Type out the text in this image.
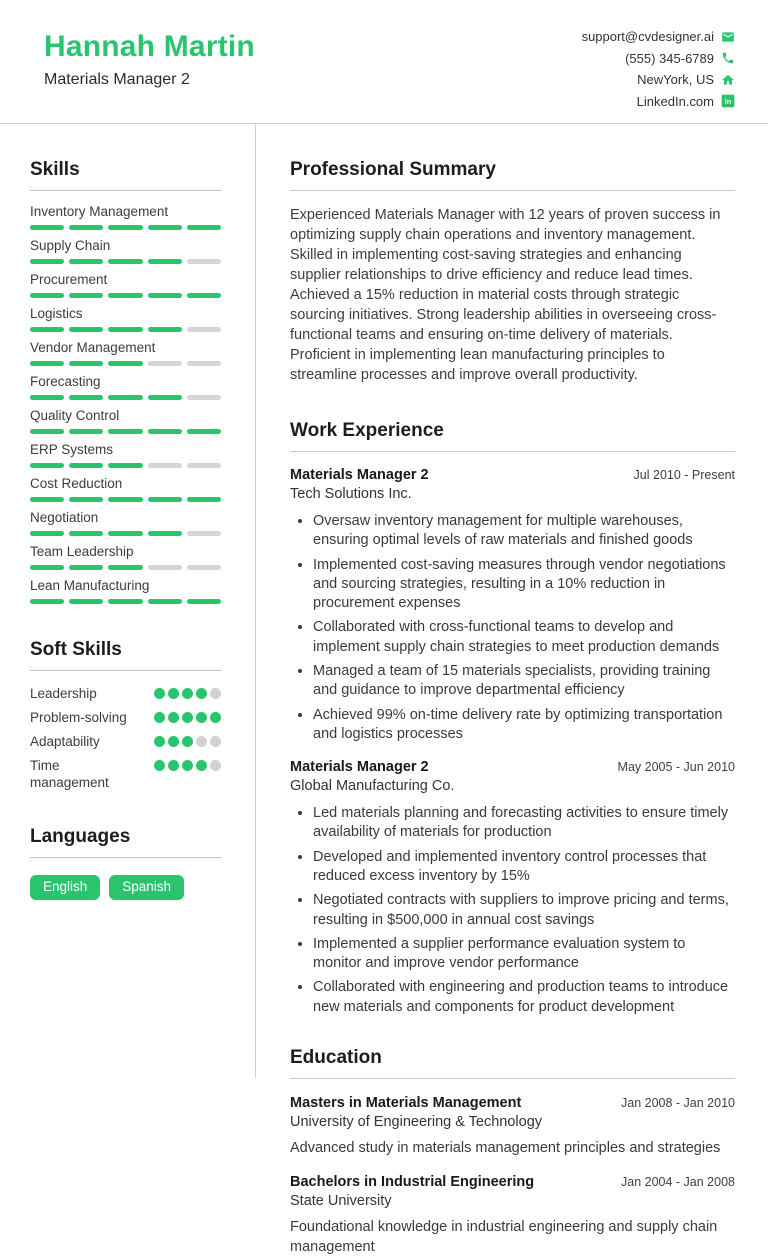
Hannah Martin
Materials Manager 2
support@cvdesigner.ai
(555) 345-6789
NewYork, US
LinkedIn.com in
Skills
Inventory Management
Supply Chain
Procurement
Logistics
Vendor Management
Forecasting
Quality Control
ERP Systems
Cost Reduction
Negotiation
Team Leadership
Lean Manufacturing
Soft Skills
Leadership
Problem-solving
Adaptability
Time management
Languages
English	Spanish
Professional Summary

Experienced Materials Manager with 12 years of proven success in optimizing supply chain operations and inventory management. Skilled in implementing cost-saving strategies and enhancing supplier relationships to drive efficiency and reduce lead times. Achieved a 15% reduction in material costs through strategic sourcing initiatives. Strong leadership abilities in overseeing cross-functional teams and ensuring on-time delivery of materials. Proficient in implementing lean manufacturing principles to streamline processes and improve overall productivity.

Work Experience
Materials Manager 2	Jul 2010 - Present
Tech Solutions Inc.
• Oversaw inventory management for multiple warehouses, ensuring optimal levels of raw materials and finished goods
• Implemented cost-saving measures through vendor negotiations and sourcing strategies, resulting in a 10% reduction in procurement expenses
• Collaborated with cross-functional teams to develop and implement supply chain strategies to meet production demands
• Managed a team of 15 materials specialists, providing training and guidance to improve departmental efficiency
• Achieved 99% on-time delivery rate by optimizing transportation and logistics processes
Materials Manager 2	May 2005 - Jun 2010
Global Manufacturing Co.
• Led materials planning and forecasting activities to ensure timely availability of materials for production
• Developed and implemented inventory control processes that reduced excess inventory by 15%
• Negotiated contracts with suppliers to improve pricing and terms, resulting in $500,000 in annual cost savings
• Implemented a supplier performance evaluation system to monitor and improve vendor performance
• Collaborated with engineering and production teams to introduce new materials and components for product development
Education
Masters in Materials Management	Jan 2008 - Jan 2010
University of Engineering & Technology
Advanced study in materials management principles and strategies
Bachelors in Industrial Engineering	Jan 2004 - Jan 2008
State University
Foundational knowledge in industrial engineering and supply chain management
